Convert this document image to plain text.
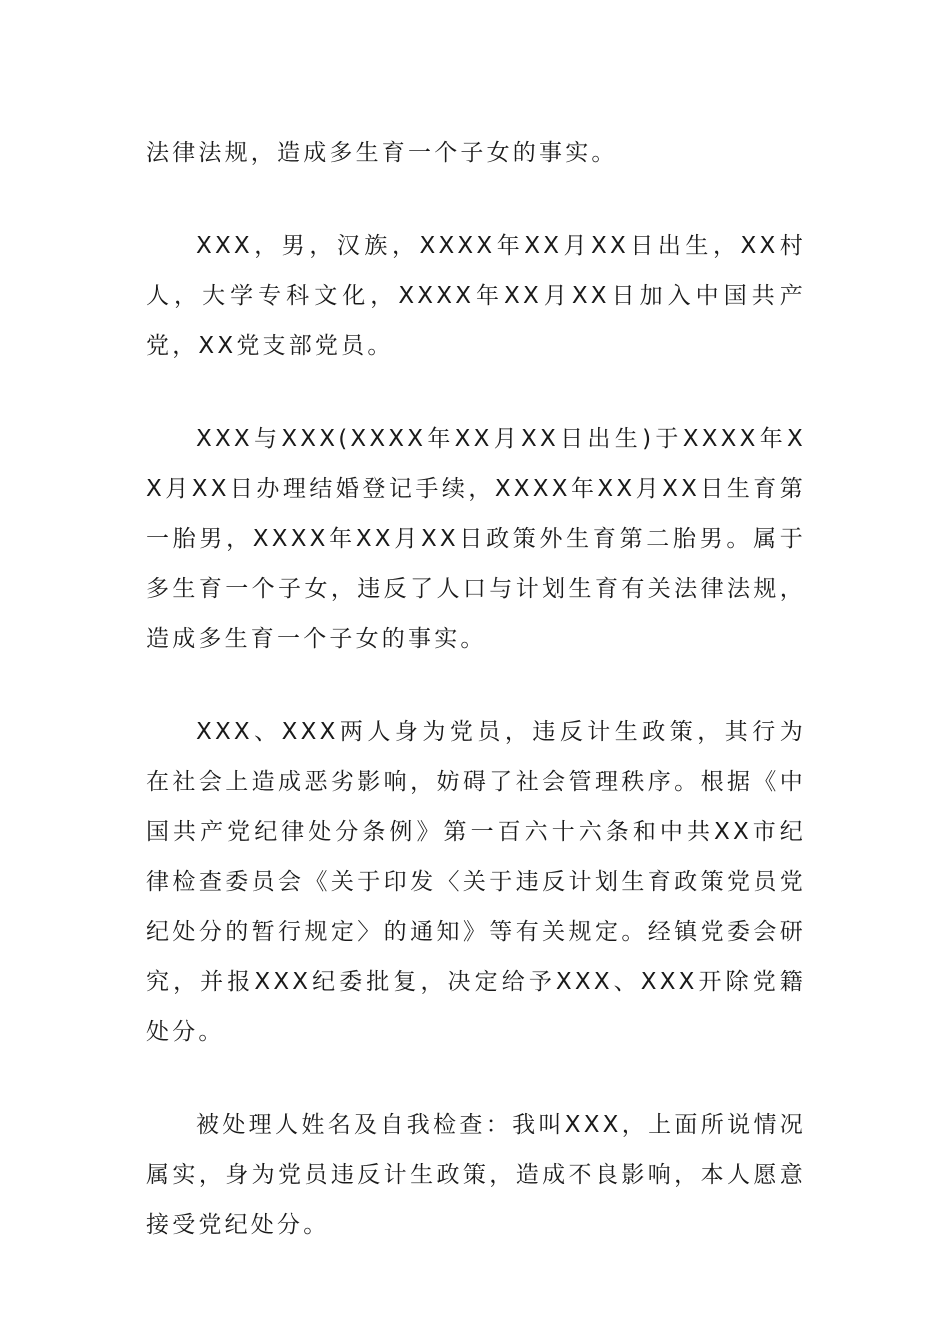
法律法规，造成多生育一个子女的事实。

XXX，男，汉族，XXXX年XX月XX日出生，XX村人，大学专科文化，XXXX年XX月XX日加入中国共产党，XX党支部党员。

XXX与XXX(XXXX年XX月XX日出生)于XXXX年XX月XX日办理结婚登记手续，XXXX年XX月XX日生育第一胎男，XXXX年XX月XX日政策外生育第二胎男。属于多生育一个子女，违反了人口与计划生育有关法律法规，造成多生育一个子女的事实。

XXX、XXX两人身为党员，违反计生政策，其行为在社会上造成恶劣影响，妨碍了社会管理秩序。根据《中国共产党纪律处分条例》第一百六十六条和中共XX市纪律检查委员会《关于印发〈关于违反计划生育政策党员党纪处分的暂行规定〉的通知》等有关规定。经镇党委会研究，并报XXX纪委批复，决定给予XXX、XXX开除党籍处分。

被处理人姓名及自我检查：我叫XXX，上面所说情况属实，身为党员违反计生政策，造成不良影响，本人愿意接受党纪处分。
